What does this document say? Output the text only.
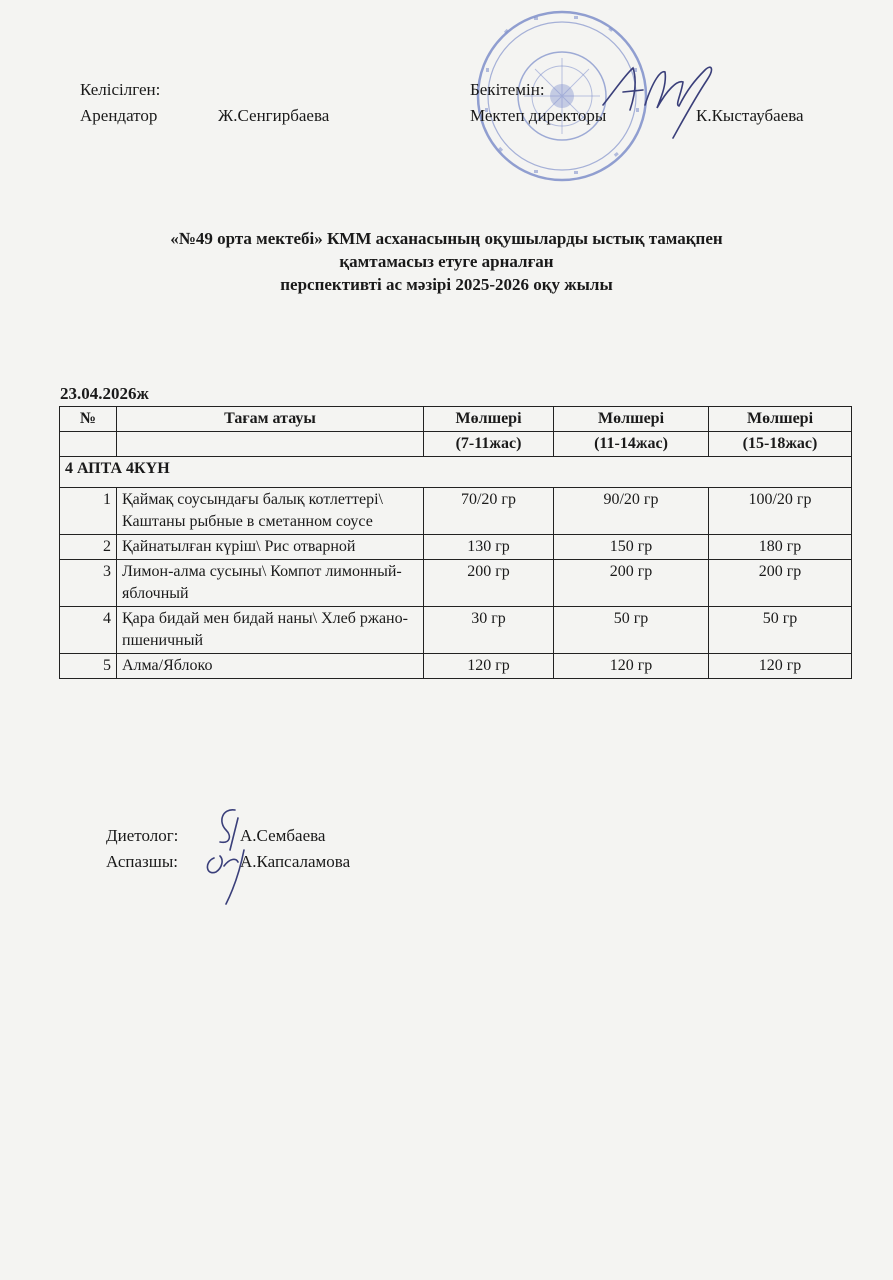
Келісілген:
Арендатор	Ж.Сенгирбаева
Бекітемін:
Мектеп директоры	К.Кыстаубаева
«№49 орта мектебі» КММ асханасының оқушыларды ыстық тамақпен
қамтамасыз етуге арналған
перспективті ас мәзірі 2025-2026 оқу жылы
23.04.2026ж
№	Тағам атауы	Мөлшері	Мөлшері	Мөлшері
		(7-11жас)	(11-14жас)	(15-18жас)
4 АПТА 4КҮН				
1	Қаймақ соусындағы балық котлеттері\ Каштаны рыбные в сметанном соусе	70/20 гр	90/20 гр	100/20 гр
2	Қайнатылған күріш\ Рис отварной	130 гр	150 гр	180 гр
3	Лимон-алма сусыны\ Компот лимонный-яблочный	200 гр	200 гр	200 гр
4	Қара бидай мен бидай наны\ Хлеб ржано-пшеничный	30 гр	50 гр	50 гр
5	Алма/Яблоко	120 гр	120 гр	120 гр
Диетолог:	А.Сембаева
Аспазшы:	А.Капсаламова
